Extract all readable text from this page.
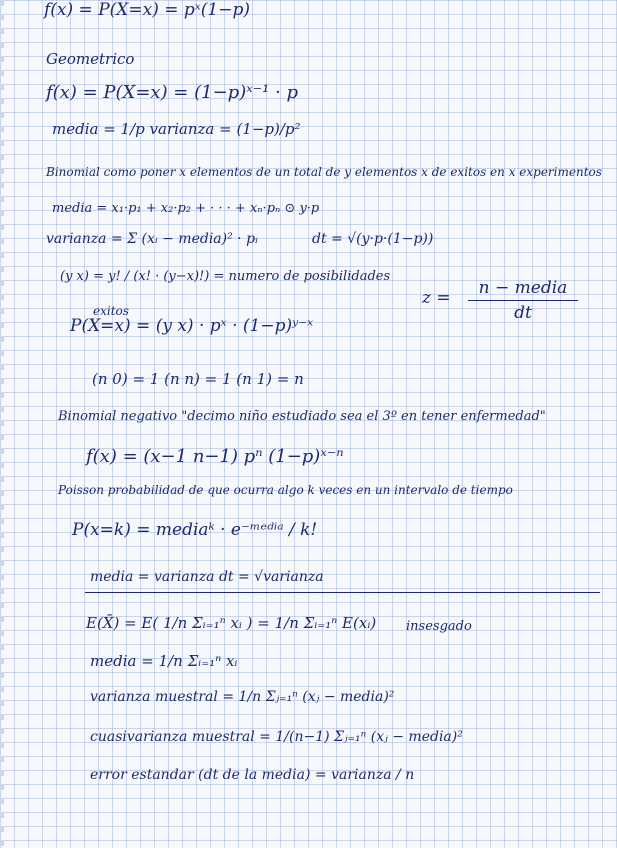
f(x) = P(X=x) = pˣ(1−p)
Geometrico
f(x) = P(X=x) = (1−p)ˣ⁻¹ · p
media = 1/p varianza = (1−p)/p²
Binomial como poner x elementos de un total de y elementos x de exitos en x experimentos
media = x₁·p₁ + x₂·p₂ + · · · + xₙ·pₙ ⊙ y·p
varianza = Σ (xᵢ − media)² · pᵢ	dt = √(y·p·(1−p))
(y x) = y! / (x! · (y−x)!) = numero de posibilidades
exitos
P(X=x) = (y x) · pˣ · (1−p)ʸ⁻ˣ
(n 0) = 1 (n n) = 1 (n 1) = n
Binomial negativo "decimo niño estudiado sea el 3º en tener enfermedad"
f(x) = (x−1 n−1) pⁿ (1−p)ˣ⁻ⁿ
Poisson probabilidad de que ocurra algo k veces en un intervalo de tiempo
P(x=k) = mediaᵏ · e⁻ᵐᵉᵈⁱᵃ / k!
media = varianza dt = √varianza
E(X̄) = E( 1/n Σᵢ₌₁ⁿ xᵢ ) = 1/n Σᵢ₌₁ⁿ E(xᵢ) insesgado
media = 1/n Σᵢ₌₁ⁿ xᵢ
varianza muestral = 1/n Σⱼ₌₁ⁿ (xⱼ − media)²
cuasivarianza muestral = 1/(n−1) Σⱼ₌₁ⁿ (xⱼ − media)²
error estandar (dt de la media) = varianza / n
z =	n − media
dt
